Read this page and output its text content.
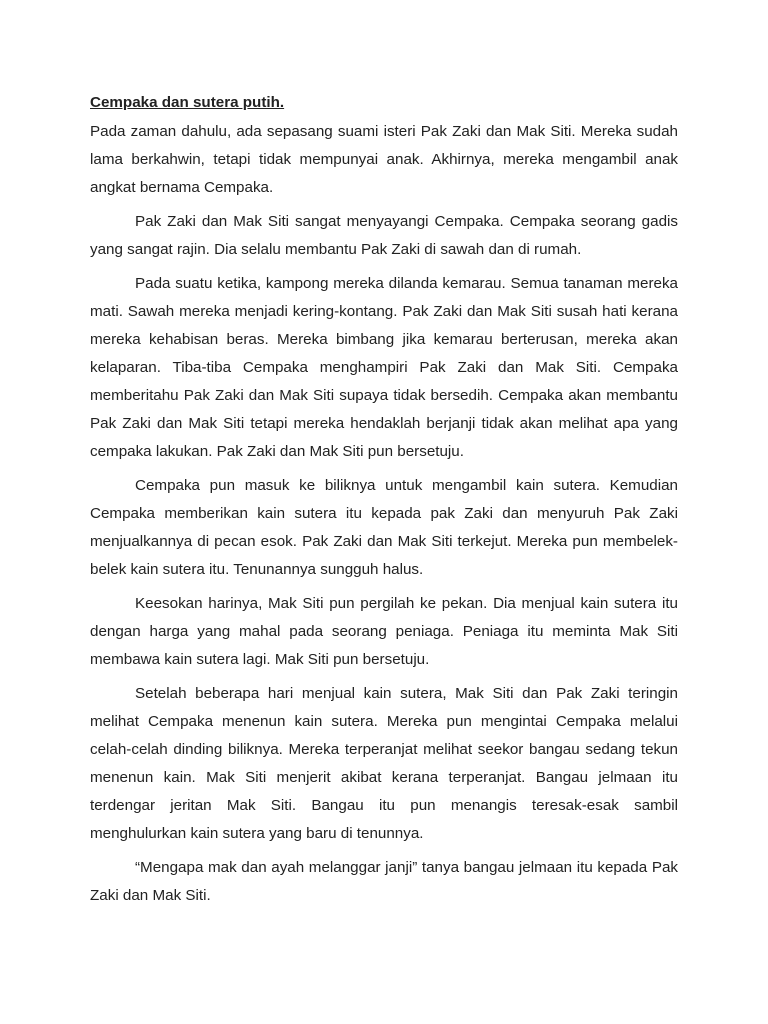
Cempaka dan sutera putih.

Pada zaman dahulu, ada sepasang suami isteri Pak Zaki dan Mak Siti. Mereka sudah lama berkahwin, tetapi tidak mempunyai anak. Akhirnya, mereka mengambil anak angkat bernama Cempaka.

Pak Zaki dan Mak Siti sangat menyayangi Cempaka. Cempaka seorang gadis yang sangat rajin. Dia selalu membantu Pak Zaki di sawah dan di rumah.

Pada suatu ketika, kampong mereka dilanda kemarau. Semua tanaman mereka mati. Sawah mereka menjadi kering-kontang. Pak Zaki dan Mak Siti susah hati kerana mereka kehabisan beras. Mereka bimbang jika kemarau berterusan, mereka akan kelaparan. Tiba-tiba Cempaka menghampiri Pak Zaki dan Mak Siti. Cempaka memberitahu Pak Zaki dan Mak Siti supaya tidak bersedih. Cempaka akan membantu Pak Zaki dan Mak Siti tetapi mereka hendaklah berjanji tidak akan melihat apa yang cempaka lakukan. Pak Zaki dan Mak Siti pun bersetuju.

Cempaka pun masuk ke biliknya untuk mengambil kain sutera. Kemudian Cempaka memberikan kain sutera itu kepada pak Zaki dan menyuruh Pak Zaki menjualkannya di pecan esok. Pak Zaki dan Mak Siti terkejut. Mereka pun membelek-belek kain sutera itu. Tenunannya sungguh halus.

Keesokan harinya, Mak Siti pun pergilah ke pekan. Dia menjual kain sutera itu dengan harga yang mahal pada seorang peniaga. Peniaga itu meminta Mak Siti membawa kain sutera lagi. Mak Siti pun bersetuju.

Setelah beberapa hari menjual kain sutera, Mak Siti dan Pak Zaki teringin melihat Cempaka menenun kain sutera. Mereka pun mengintai Cempaka melalui celah-celah dinding biliknya. Mereka terperanjat melihat seekor bangau sedang tekun menenun kain. Mak Siti menjerit akibat kerana terperanjat. Bangau jelmaan itu terdengar jeritan Mak Siti. Bangau itu pun menangis teresak-esak sambil menghulurkan kain sutera yang baru di tenunnya.

“Mengapa mak dan ayah melanggar janji” tanya bangau jelmaan itu kepada Pak Zaki dan Mak Siti.
